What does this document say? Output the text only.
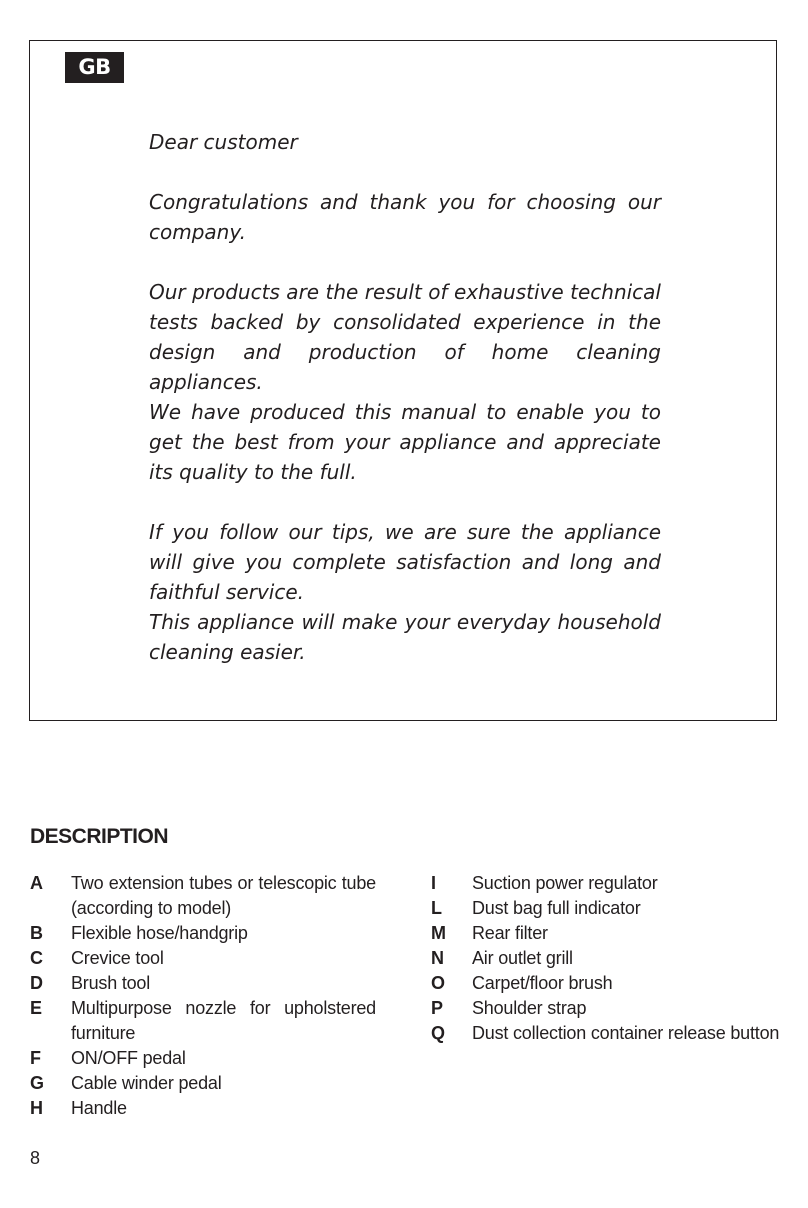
GB

Dear customer

Congratulations and thank you for choosing our company.

Our products are the result of exhaustive technical tests backed by consolidated experience in the design and production of home cleaning appliances.

We have produced this manual to enable you to get the best from your appliance and appreciate its quality to the full.

If you follow our tips, we are sure the appliance will give you complete satisfaction and long and faithful service.

This appliance will make your everyday household cleaning easier.

DESCRIPTION
A	Two extension tubes or telescopic tube (according to model)
B	Flexible hose/handgrip
C	Crevice tool
D	Brush tool
E	Multipurpose nozzle for upholstered furniture
F	ON/OFF pedal
G	Cable winder pedal
H	Handle
I	Suction power regulator
L	Dust bag full indicator
M	Rear filter
N	Air outlet grill
O	Carpet/floor brush
P	Shoulder strap
Q	Dust collection container release button
8
